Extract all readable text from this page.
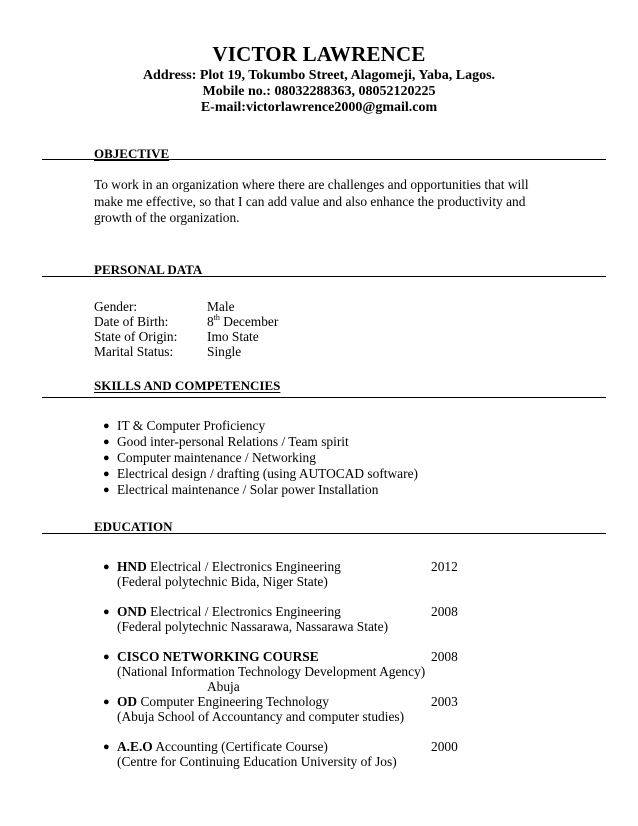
VICTOR LAWRENCE
Address: Plot 19, Tokumbo Street, Alagomeji, Yaba, Lagos.
Mobile no.: 08032288363, 08052120225
E-mail:victorlawrence2000@gmail.com
OBJECTIVE
To work in an organization where there are challenges and opportunities that will make me effective, so that I can add value and also enhance the productivity and growth of the organization.
PERSONAL DATA
Gender:	Male
Date of Birth:	8th December
State of Origin: Imo State
Marital Status:	Single
SKILLS AND COMPETENCIES
● IT & Computer Proficiency
● Good inter-personal Relations / Team spirit
● Computer maintenance / Networking
● Electrical design / drafting (using AUTOCAD software)
● Electrical maintenance / Solar power Installation
EDUCATION
● HND Electrical / Electronics Engineering	2012
(Federal polytechnic Bida, Niger State)
● OND Electrical / Electronics Engineering	2008
(Federal polytechnic Nassarawa, Nassarawa State)
● CISCO NETWORKING COURSE	2008
(National Information Technology Development Agency)
Abuja
● OD Computer Engineering Technology	2003
(Abuja School of Accountancy and computer studies)
● A.E.O Accounting (Certificate Course)	2000
(Centre for Continuing Education University of Jos)
